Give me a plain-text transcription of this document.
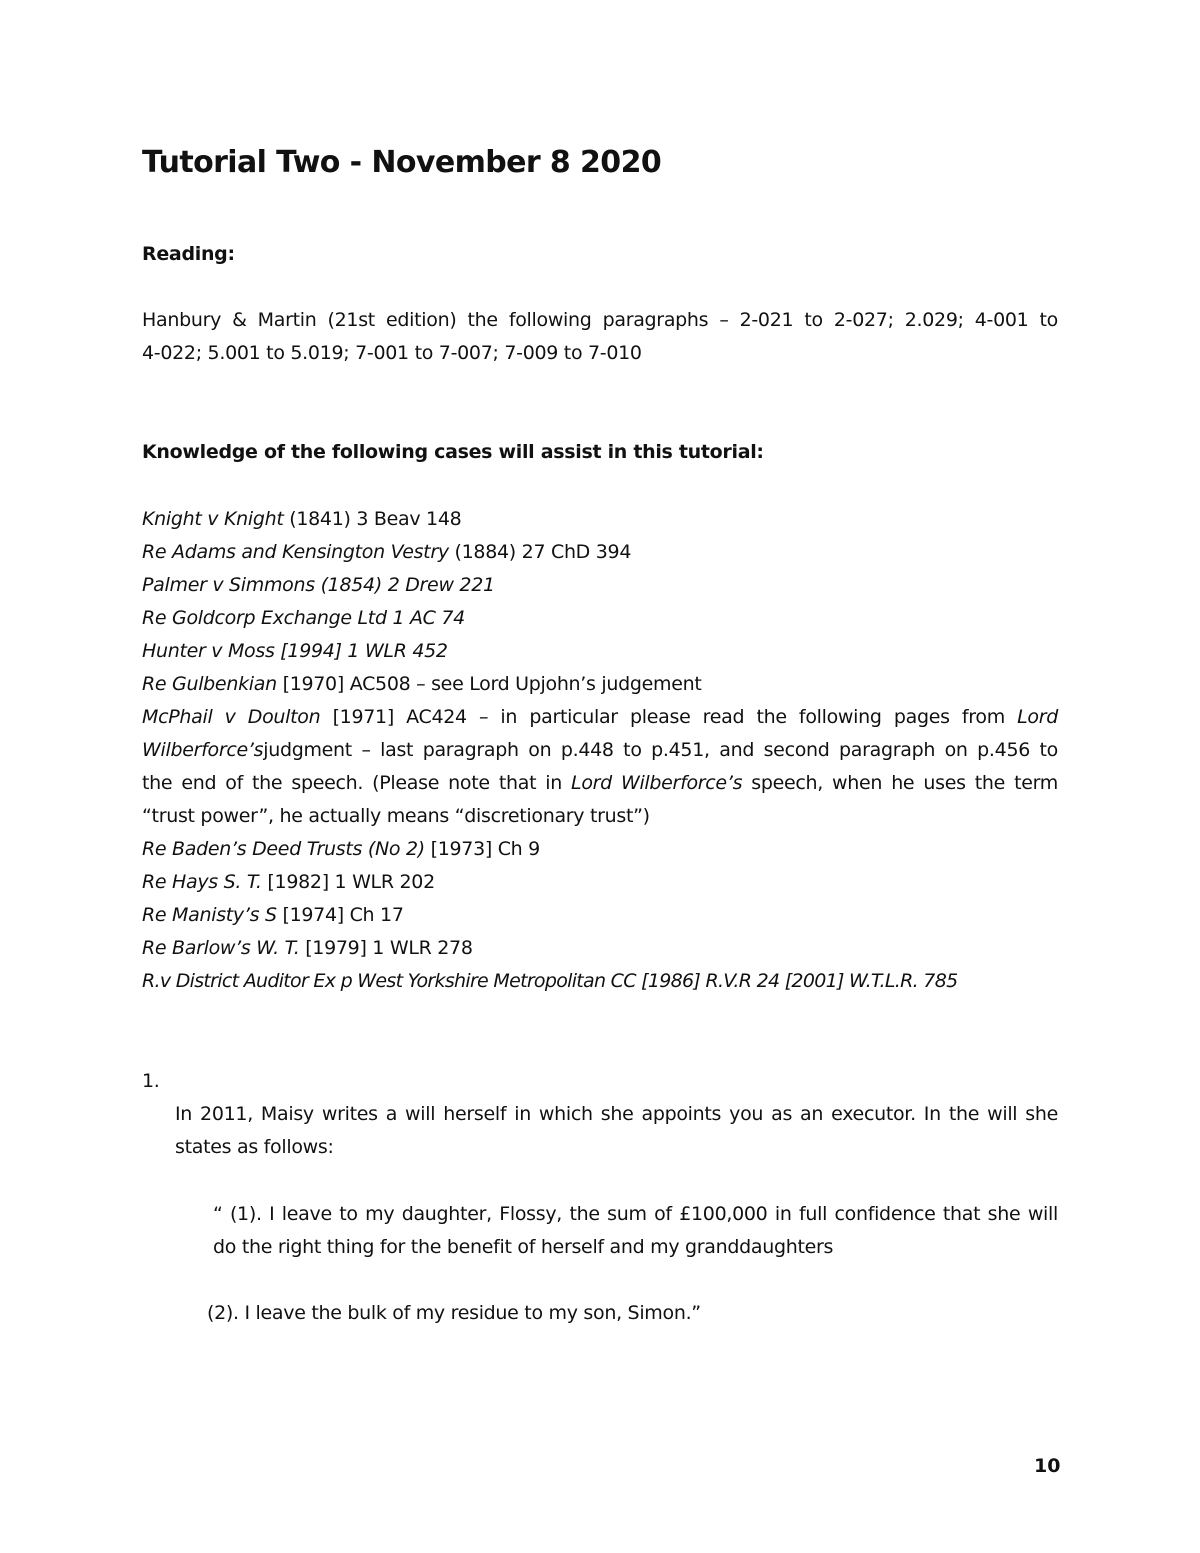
Tutorial Two - November 8 2020
Reading:
Hanbury & Martin (21st edition) the following paragraphs – 2-021 to 2-027; 2.029; 4-001 to
4-022; 5.001 to 5.019; 7-001 to 7-007; 7-009 to 7-010
Knowledge of the following cases will assist in this tutorial:
Knight v Knight (1841) 3 Beav 148
Re Adams and Kensington Vestry (1884) 27 ChD 394
Palmer v Simmons (1854) 2 Drew 221
Re Goldcorp Exchange Ltd 1 AC 74
Hunter v Moss [1994] 1 WLR 452
Re Gulbenkian [1970] AC508 – see Lord Upjohn’s judgement
McPhail v Doulton [1971] AC424 – in particular please read the following pages from Lord
Wilberforce’sjudgment – last paragraph on p.448 to p.451, and second paragraph on p.456 to
the end of the speech. (Please note that in Lord Wilberforce’s speech, when he uses the term
“trust power”, he actually means “discretionary trust”)
Re Baden’s Deed Trusts (No 2) [1973] Ch 9
Re Hays S. T. [1982] 1 WLR 202
Re Manisty’s S [1974] Ch 17
Re Barlow’s W. T. [1979] 1 WLR 278
R.v District Auditor Ex p West Yorkshire Metropolitan CC [1986] R.V.R 24 [2001] W.T.L.R. 785
1.
In 2011, Maisy writes a will herself in which she appoints you as an executor. In the will she
states as follows:
“ (1). I leave to my daughter, Flossy, the sum of £100,000 in full confidence that she will
do the right thing for the benefit of herself and my granddaughters
(2). I leave the bulk of my residue to my son, Simon.”
10
